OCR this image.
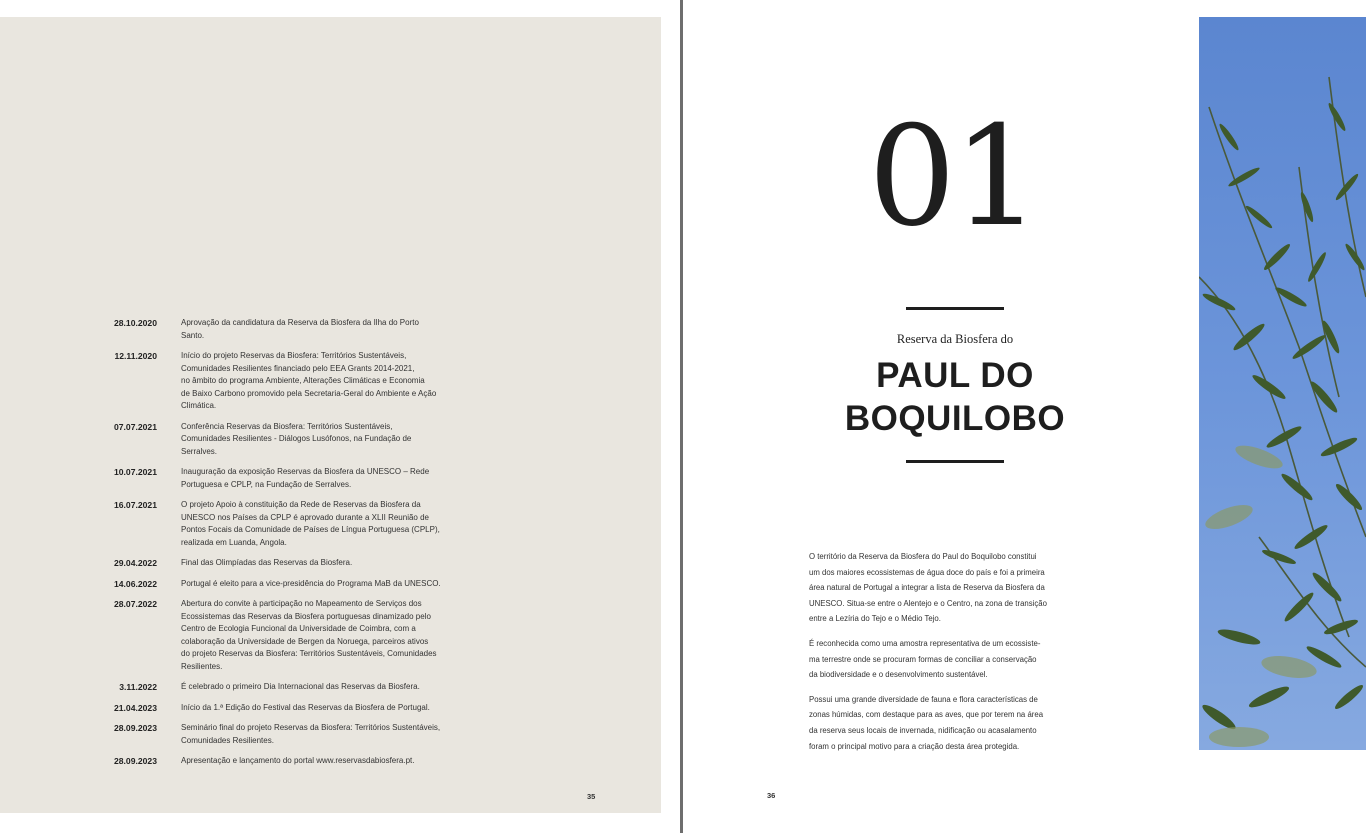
28.10.2020	Aprovação da candidatura da Reserva da Biosfera da Ilha do Porto
Santo.
12.11.2020	Início do projeto Reservas da Biosfera: Territórios Sustentáveis,
Comunidades Resilientes financiado pelo EEA Grants 2014-2021,
no âmbito do programa Ambiente, Alterações Climáticas e Economia
de Baixo Carbono promovido pela Secretaria-Geral do Ambiente e Ação
Climática.
07.07.2021	Conferência Reservas da Biosfera: Territórios Sustentáveis,
Comunidades Resilientes - Diálogos Lusófonos, na Fundação de
Serralves.
10.07.2021	Inauguração da exposição Reservas da Biosfera da UNESCO – Rede
Portuguesa e CPLP, na Fundação de Serralves.
16.07.2021	O projeto Apoio à constituição da Rede de Reservas da Biosfera da
UNESCO nos Países da CPLP é aprovado durante a XLII Reunião de
Pontos Focais da Comunidade de Países de Língua Portuguesa (CPLP),
realizada em Luanda, Angola.
29.04.2022	Final das Olimpíadas das Reservas da Biosfera.
14.06.2022	Portugal é eleito para a vice-presidência do Programa MaB da UNESCO.
28.07.2022	Abertura do convite à participação no Mapeamento de Serviços dos
Ecossistemas das Reservas da Biosfera portuguesas dinamizado pelo
Centro de Ecologia Funcional da Universidade de Coimbra, com a
colaboração da Universidade de Bergen da Noruega, parceiros ativos
do projeto Reservas da Biosfera: Territórios Sustentáveis, Comunidades
Resilientes.
3.11.2022	É celebrado o primeiro Dia Internacional das Reservas da Biosfera.
21.04.2023	Início da 1.ª Edição do Festival das Reservas da Biosfera de Portugal.
28.09.2023	Seminário final do projeto Reservas da Biosfera: Territórios Sustentáveis,
Comunidades Resilientes.
28.09.2023	Apresentação e lançamento do portal www.reservasdabiosfera.pt.
35
01
Reserva da Biosfera do
PAUL DO
BOQUILOBO

O território da Reserva da Biosfera do Paul do Boquilobo constitui
um dos maiores ecossistemas de água doce do país e foi a primeira
área natural de Portugal a integrar a lista de Reserva da Biosfera da
UNESCO. Situa-se entre o Alentejo e o Centro, na zona de transição
entre a Lezíria do Tejo e o Médio Tejo.

É reconhecida como uma amostra representativa de um ecossiste-
ma terrestre onde se procuram formas de conciliar a conservação
da biodiversidade e o desenvolvimento sustentável.

Possui uma grande diversidade de fauna e flora características de
zonas húmidas, com destaque para as aves, que por terem na área
da reserva seus locais de invernada, nidificação ou acasalamento
foram o principal motivo para a criação desta área protegida.

36
